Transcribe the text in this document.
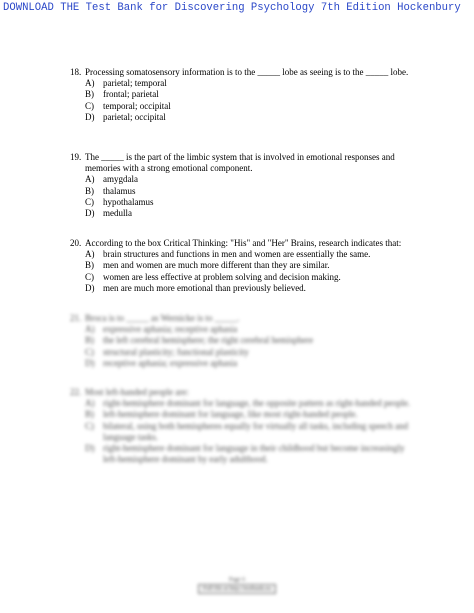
DOWNLOAD THE Test Bank for Discovering Psychology 7th Edition Hockenbury
18. Processing somatosensory information is to the _____ lobe as seeing is to the _____ lobe.
A) parietal; temporal
B) frontal; parietal
C) temporal; occipital
D) parietal; occipital
19. The _____ is the part of the limbic system that is involved in emotional responses and memories with a strong emotional component.
A) amygdala
B) thalamus
C) hypothalamus
D) medulla
20. According to the box Critical Thinking: "His" and "Her" Brains, research indicates that:
A) brain structures and functions in men and women are essentially the same.
B) men and women are much more different than they are similar.
C) women are less effective at problem solving and decision making.
D) men are much more emotional than previously believed.
21. Broca is to _____ as Wernicke is to _____.
A) expressive aphasia; receptive aphasia
B) the left cerebral hemisphere; the right cerebral hemisphere
C) structural plasticity; functional plasticity
D) receptive aphasia; expressive aphasia
22. Most left-handed people are:
A) right-hemisphere dominant for language, the opposite pattern as right-handed people.
B) left-hemisphere dominant for language, like most right-handed people.
C) bilateral, using both hemispheres equally for virtually all tasks, including speech and language tasks.
D) right-hemisphere dominant for language in their childhood but become increasingly left-hemisphere dominant by early adulthood.
Page 6
Full file at http://testbank.eu
